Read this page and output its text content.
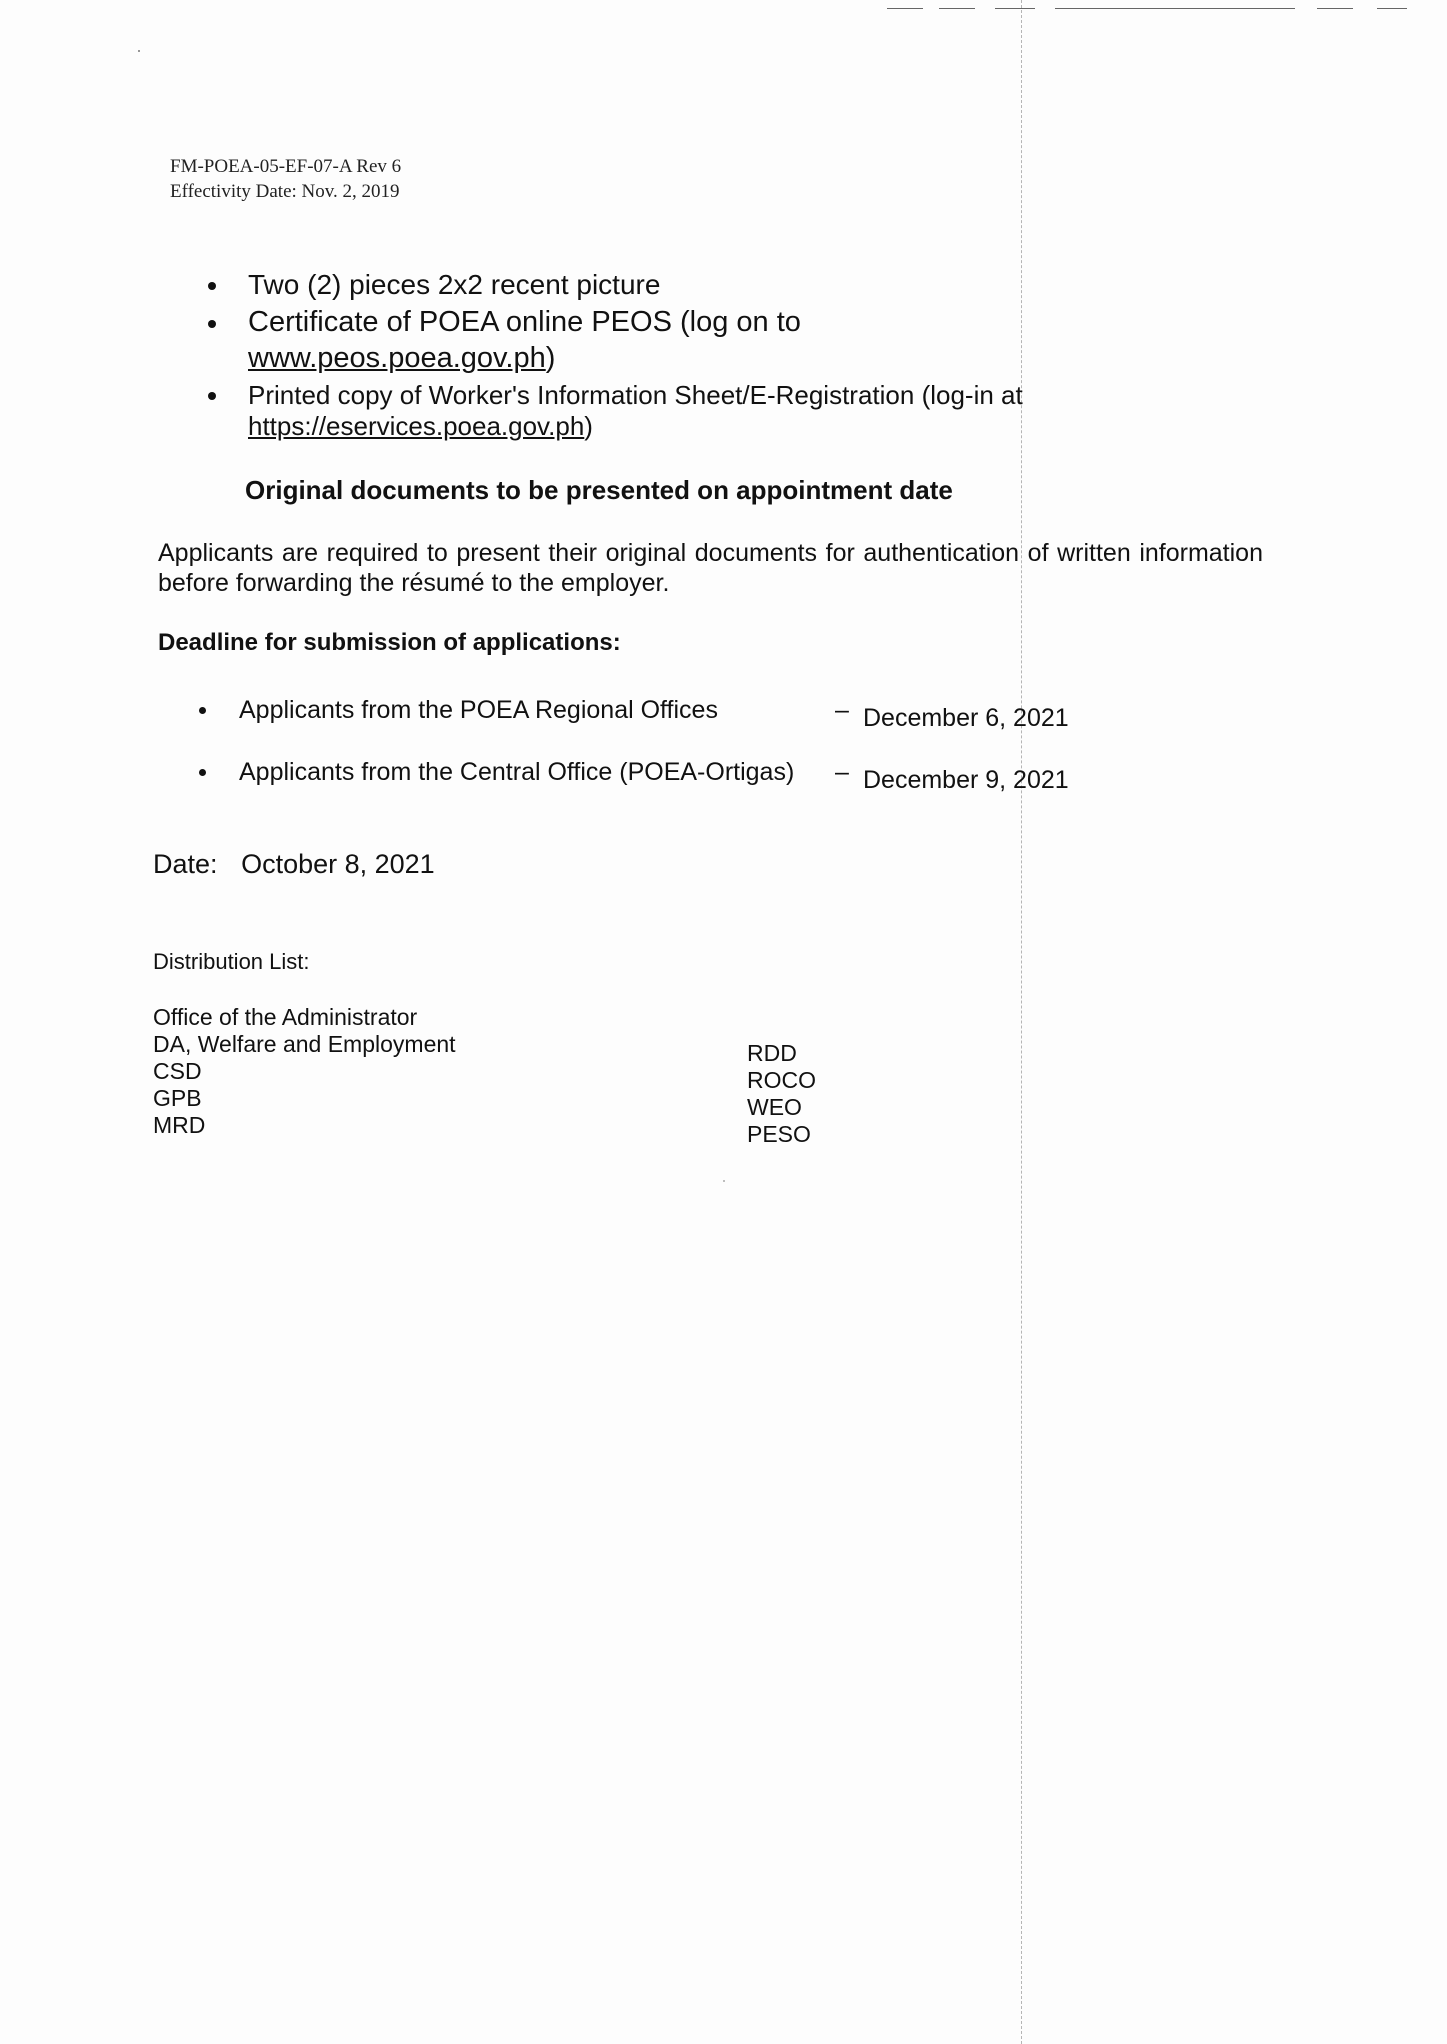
FM-POEA-05-EF-07-A Rev 6
Effectivity Date: Nov. 2, 2019
Two (2) pieces 2x2 recent picture
Certificate of POEA online PEOS (log on to www.peos.poea.gov.ph)
Printed copy of Worker's Information Sheet/E-Registration (log-in at https://eservices.poea.gov.ph)
Original documents to be presented on appointment date
Applicants are required to present their original documents for authentication of written information before forwarding the résumé to the employer.
Deadline for submission of applications:
Applicants from the POEA Regional Offices	– December 6, 2021
Applicants from the Central Office (POEA-Ortigas) – December 9, 2021
Date: October 8, 2021
Distribution List:
Office of the Administrator
DA, Welfare and Employment
CSD
GPB
MRD
RDD
ROCO
WEO
PESO
